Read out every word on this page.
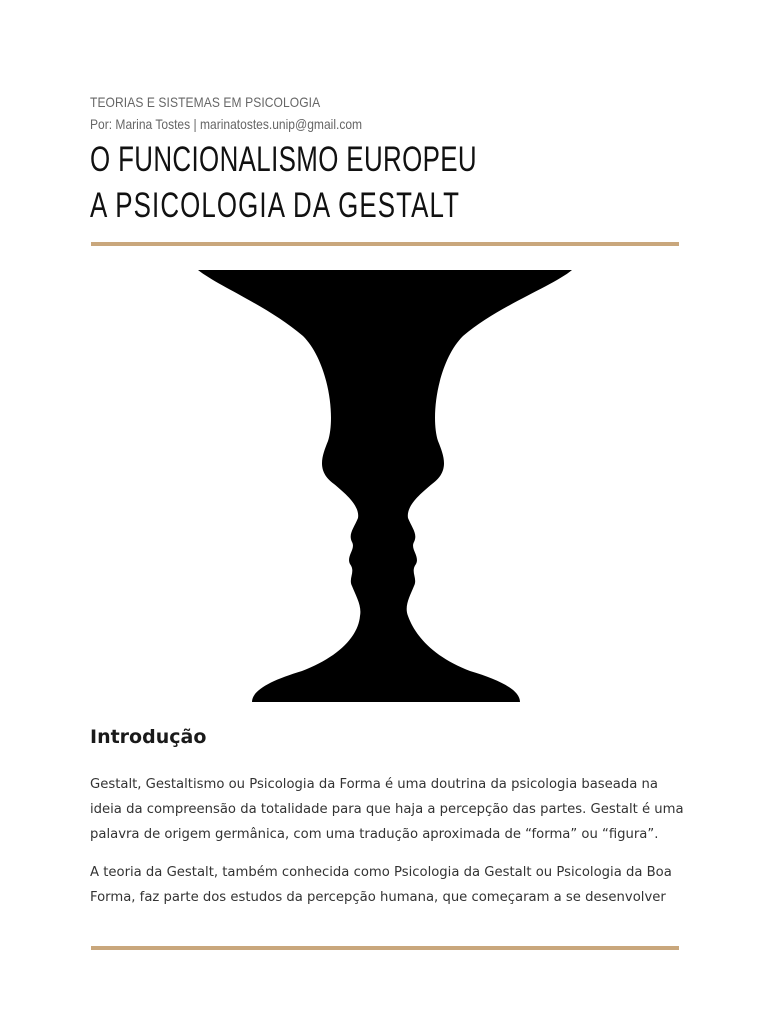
TEORIAS E SISTEMAS EM PSICOLOGIA
Por: Marina Tostes | marinatostes.unip@gmail.com
O FUNCIONALISMO EUROPEU
A PSICOLOGIA DA GESTALT
Introdução

Gestalt, Gestaltismo ou Psicologia da Forma é uma doutrina da psicologia baseada na ideia da compreensão da totalidade para que haja a percepção das partes. Gestalt é uma palavra de origem germânica, com uma tradução aproximada de “forma” ou “figura”.

A teoria da Gestalt, também conhecida como Psicologia da Gestalt ou Psicologia da Boa Forma, faz parte dos estudos da percepção humana, que começaram a se desenvolver
